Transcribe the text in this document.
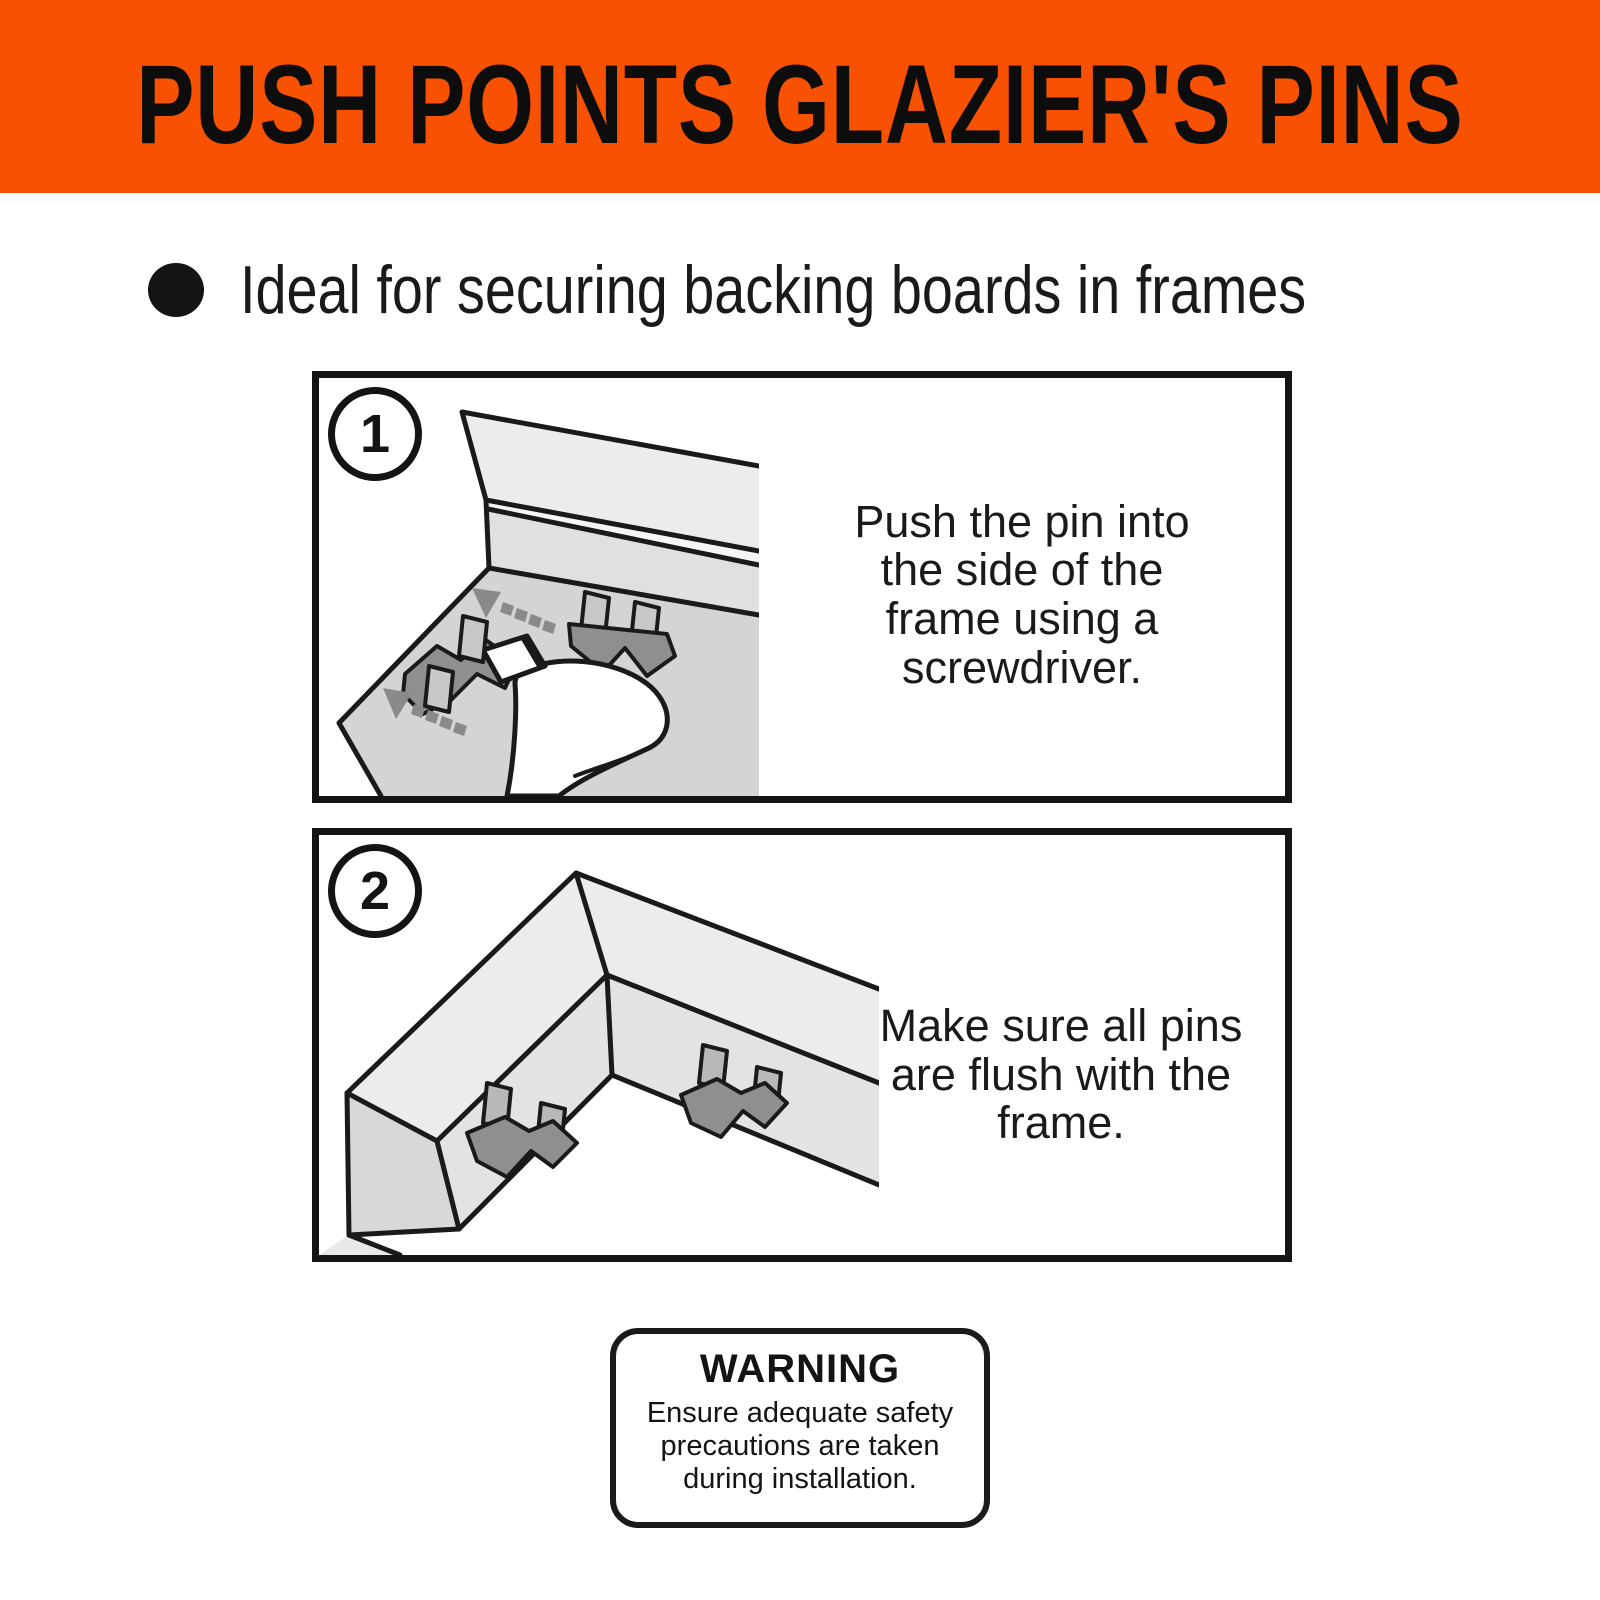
PUSH POINTS GLAZIER'S PINS
Ideal for securing backing boards in frames
1
Push the pin into
the side of the
frame using a
screwdriver.
2
Make sure all pins
are flush with the
frame.
WARNING
Ensure adequate safety
precautions are taken
during installation.
